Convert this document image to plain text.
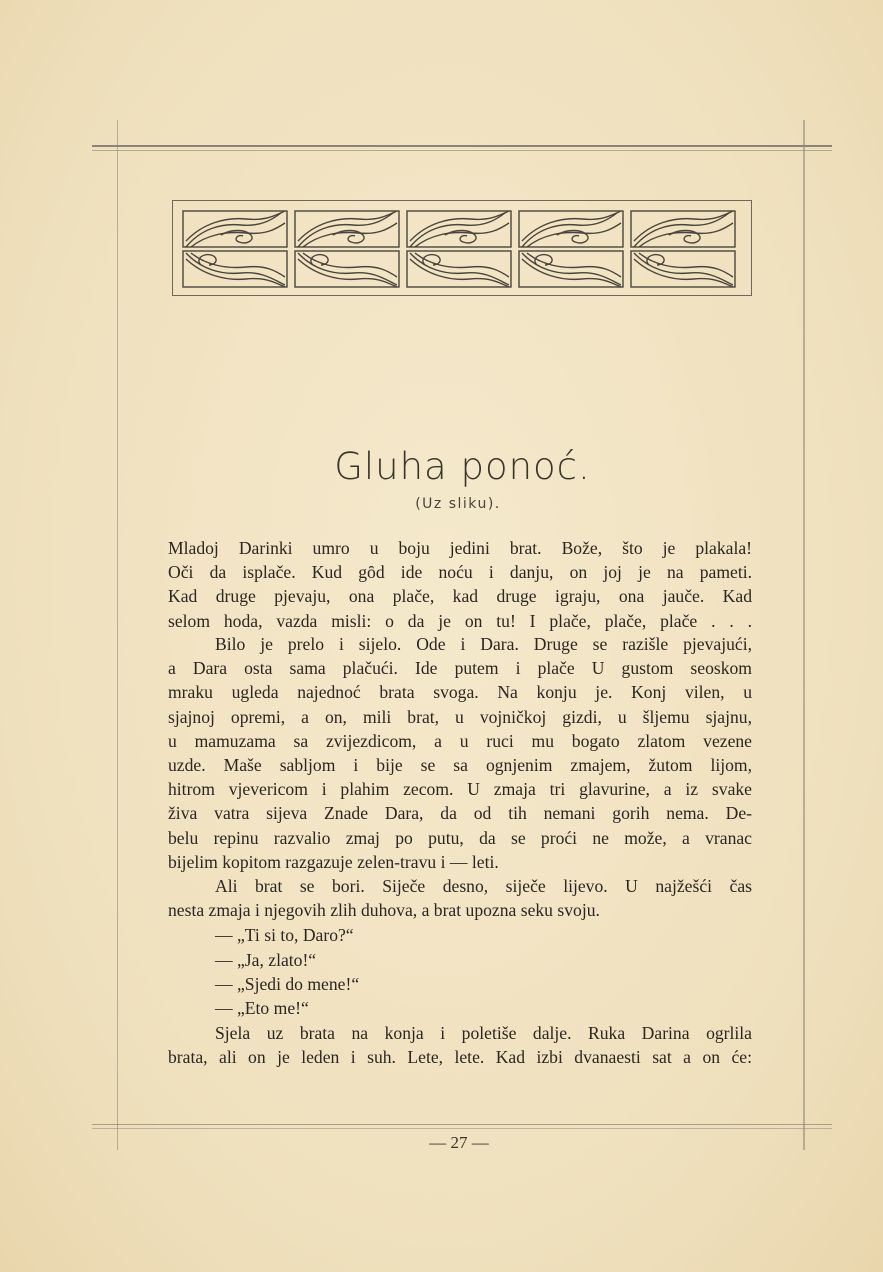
Gluha ponoć.
(Uz sliku).
Mladoj Darinki umro u boju jedini brat. Bože, što je plakala!
Oči da isplače. Kud gȏd ide noću i danju, on joj je na pameti.
Kad druge pjevaju, ona plače, kad druge igraju, ona jauče. Kad
selom hoda, vazda misli: o da je on tu! I plače, plače, plače . . .
Bilo je prelo i sijelo. Ode i Dara. Druge se razišle pjevajući,
a Dara osta sama plačući. Ide putem i plače U gustom seoskom
mraku ugleda najednoć brata svoga. Na konju je. Konj vilen, u
sjajnoj opremi, a on, mili brat, u vojničkoj gizdi, u šljemu sjajnu,
u mamuzama sa zvijezdicom, a u ruci mu bogato zlatom vezene
uzde. Maše sabljom i bije se sa ognjenim zmajem, žutom lijom,
hitrom vjevericom i plahim zecom. U zmaja tri glavurine, a iz svake
živa vatra sijeva Znade Dara, da od tih nemani gorih nema. De-
belu repinu razvalio zmaj po putu, da se proći ne može, a vranac
bijelim kopitom razgazuje zelen-travu i — leti.
Ali brat se bori. Siječe desno, siječe lijevo. U najžešći čas
nesta zmaja i njegovih zlih duhova, a brat upozna seku svoju.
— „Ti si to, Daro?“
— „Ja, zlato!“
— „Sjedi do mene!“
— „Eto me!“
Sjela uz brata na konja i poletiše dalje. Ruka Darina ogrlila
brata, ali on je leden i suh. Lete, lete. Kad izbi dvanaesti sat a on će:
— 27 —
